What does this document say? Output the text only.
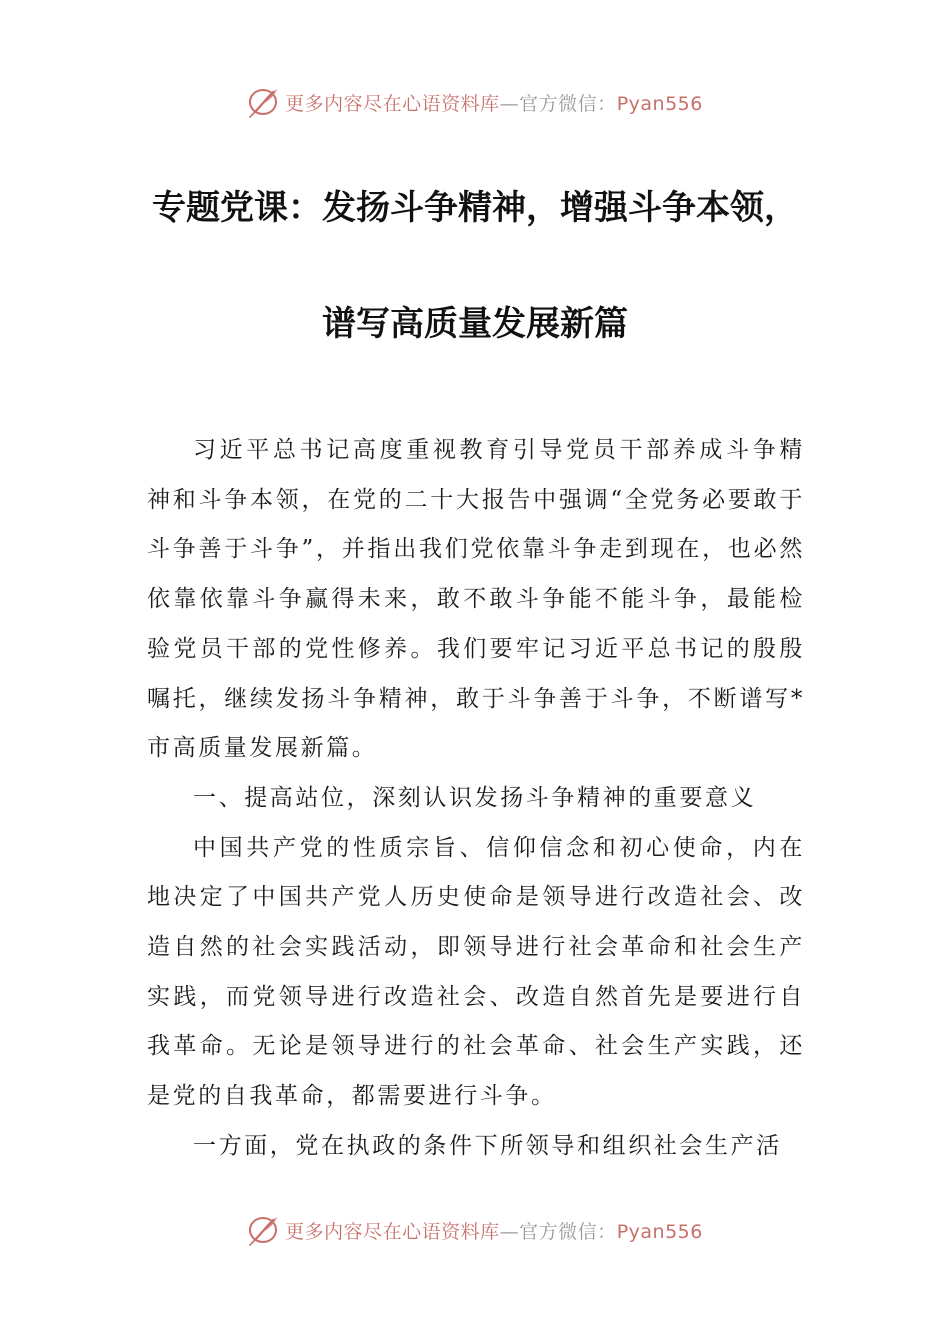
更多内容尽在心语资料库—官方微信：Pyan556
专题党课：发扬斗争精神，增强斗争本领，
谱写高质量发展新篇

习近平总书记高度重视教育引导党员干部养成斗争精神和斗争本领，在党的二十大报告中强调“全党务必要敢于斗争善于斗争”，并指出我们党依靠斗争走到现在，也必然依靠依靠斗争赢得未来，敢不敢斗争能不能斗争，最能检验党员干部的党性修养。我们要牢记习近平总书记的殷殷嘱托，继续发扬斗争精神，敢于斗争善于斗争，不断谱写*市高质量发展新篇。

一、提高站位，深刻认识发扬斗争精神的重要意义

中国共产党的性质宗旨、信仰信念和初心使命，内在地决定了中国共产党人历史使命是领导进行改造社会、改造自然的社会实践活动，即领导进行社会革命和社会生产实践，而党领导进行改造社会、改造自然首先是要进行自我革命。无论是领导进行的社会革命、社会生产实践，还是党的自我革命，都需要进行斗争。

一方面，党在执政的条件下所领导和组织社会生产活

更多内容尽在心语资料库—官方微信：Pyan556
